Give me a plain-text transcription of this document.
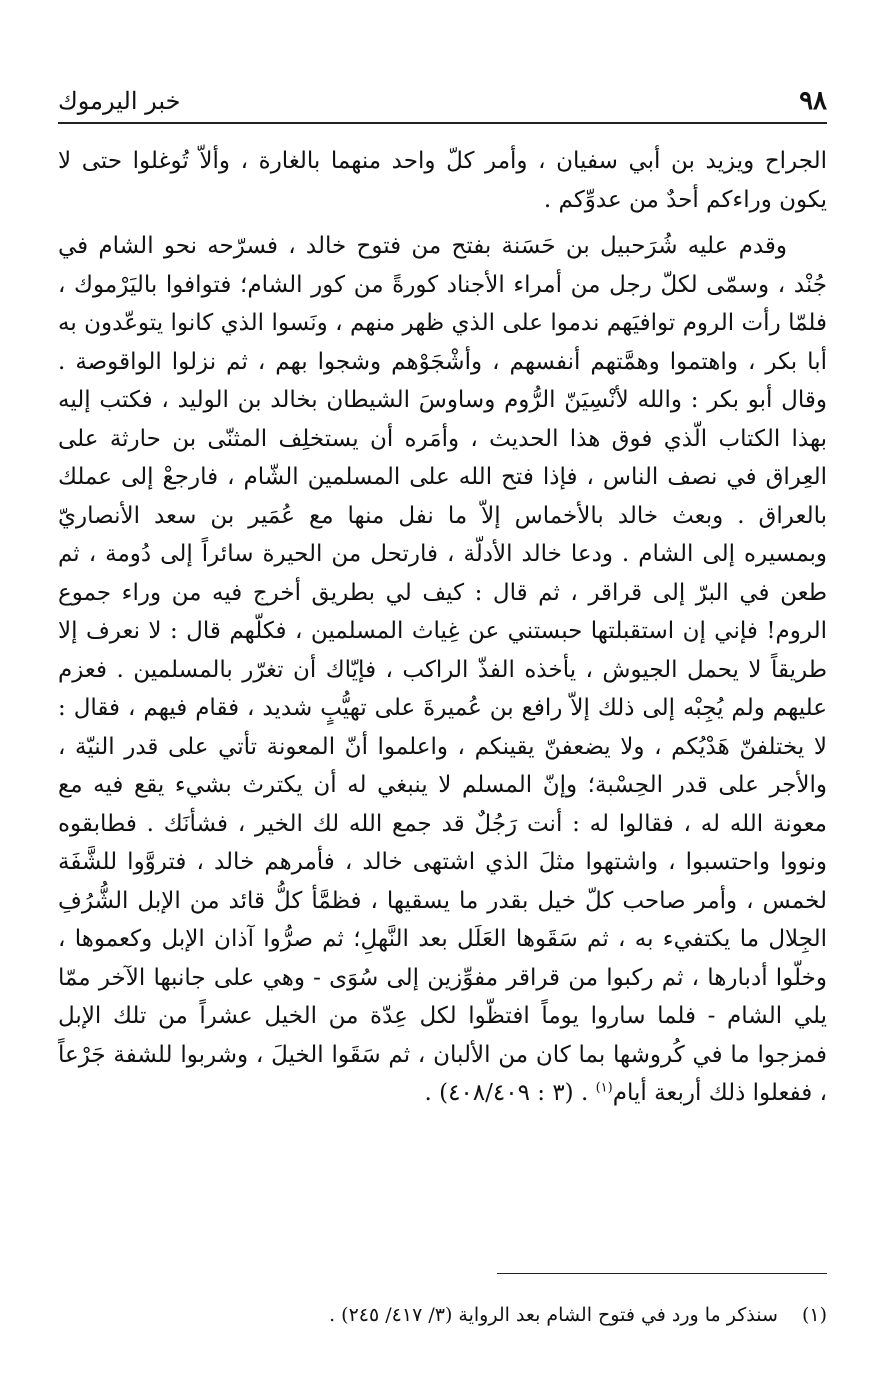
٩٨
خبر اليرموك

الجراح ويزيد بن أبي سفيان ، وأمر كلّ واحد منهما بالغارة ، وألاّ تُوغلوا حتى لا يكون وراءكم أحدٌ من عدوِّكم .

وقدم عليه شُرَحبيل بن حَسَنة بفتح من فتوح خالد ، فسرّحه نحو الشام في جُنْد ، وسمّى لكلّ رجل من أمراء الأجناد كورةً من كور الشام؛ فتوافوا باليَرْموك ، فلمّا رأت الروم توافيَهم ندموا على الذي ظهر منهم ، ونَسوا الذي كانوا يتوعّدون به أبا بكر ، واهتموا وهمَّتهم أنفسهم ، وأشْجَوْهم وشجوا بهم ، ثم نزلوا الواقوصة . وقال أبو بكر : والله لأنْسِيَنّ الرُّوم وساوسَ الشيطان بخالد بن الوليد ، فكتب إليه بهذا الكتاب الّذي فوق هذا الحديث ، وأمَره أن يستخلِف المثنّى بن حارثة على العِراق في نصف الناس ، فإذا فتح الله على المسلمين الشّام ، فارجعْ إلى عملك بالعراق . وبعث خالد بالأخماس إلاّ ما نفل منها مع عُمَير بن سعد الأنصاريّ وبمسيره إلى الشام . ودعا خالد الأدلّة ، فارتحل من الحيرة سائراً إلى دُومة ، ثم طعن في البرّ إلى قراقر ، ثم قال : كيف لي بطريق أخرج فيه من وراء جموع الروم! فإني إن استقبلتها حبستني عن غِياث المسلمين ، فكلّهم قال : لا نعرف إلا طريقاً لا يحمل الجيوش ، يأخذه الفذّ الراكب ، فإيّاك أن تغرّر بالمسلمين . فعزم عليهم ولم يُجِبْه إلى ذلك إلاّ رافع بن عُميرةَ على تهيُّبٍ شديد ، فقام فيهم ، فقال : لا يختلفنّ هَدْيُكم ، ولا يضعفنّ يقينكم ، واعلموا أنّ المعونة تأتي على قدر النيّة ، والأجر على قدر الحِسْبة؛ وإنّ المسلم لا ينبغي له أن يكترث بشيء يقع فيه مع معونة الله له ، فقالوا له : أنت رَجُلٌ قد جمع الله لك الخير ، فشأنَك . فطابقوه ونووا واحتسبوا ، واشتهوا مثلَ الذي اشتهى خالد ، فأمرهم خالد ، فتروَّوا للشَّفَة لخمس ، وأمر صاحب كلّ خيل بقدر ما يسقيها ، فظمَّأ كلُّ قائد من الإبل الشُّرُفِ الجِلال ما يكتفيء به ، ثم سَقَوها العَلَل بعد النَّهلِ؛ ثم صرُّوا آذان الإبل وكعموها ، وخلّوا أدبارها ، ثم ركبوا من قراقر مفوِّزين إلى سُوَى - وهي على جانبها الآخر ممّا يلي الشام - فلما ساروا يوماً افتظّوا لكل عِدّة من الخيل عشراً من تلك الإبل فمزجوا ما في كُروشها بما كان من الألبان ، ثم سَقَوا الخيلَ ، وشربوا للشفة جَرْعاً ، ففعلوا ذلك أربعة أيام$^{(١)}$ . (٣ : ٤٠٨/٤٠٩) .

(١)سنذكر ما ورد في فتوح الشام بعد الرواية (٣/ ٤١٧/ ٢٤٥) .
